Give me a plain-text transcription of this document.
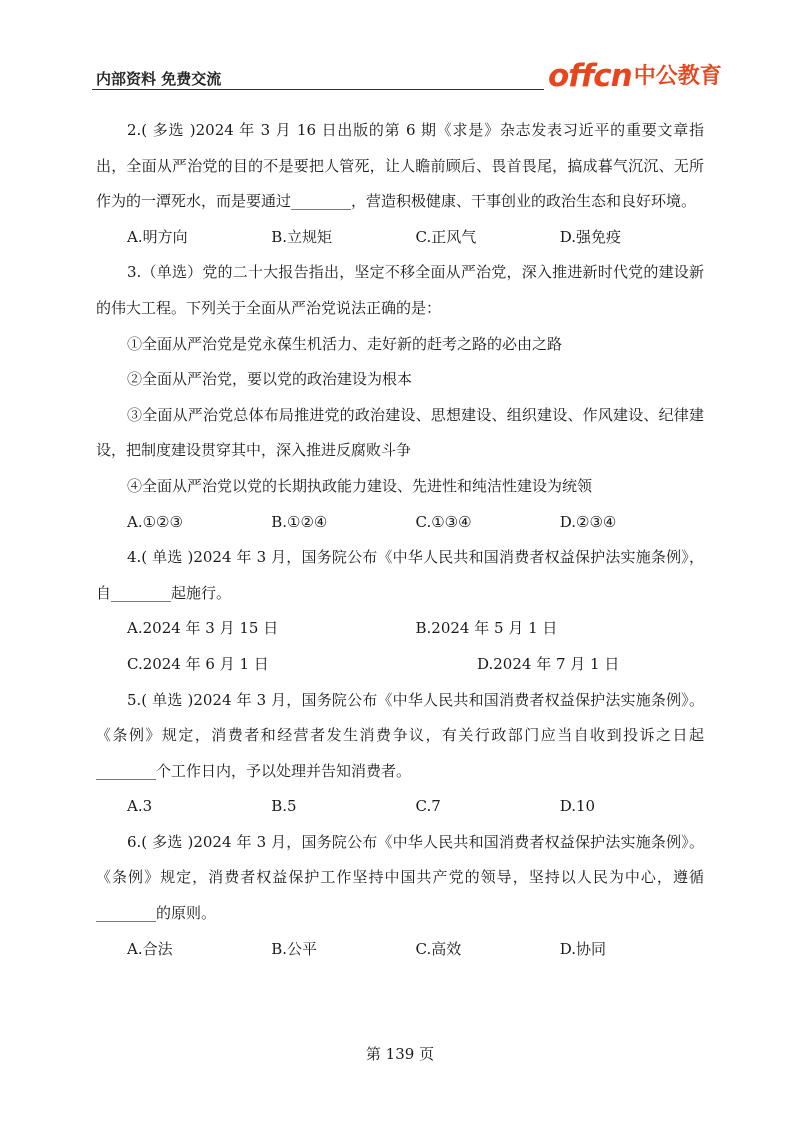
内部资料 免费交流	offcn 中公教育
2.( 多选 )2024 年 3 月 16 日出版的第 6 期《求是》杂志发表习近平的重要文章指出，全面从严治党的目的不是要把人管死，让人瞻前顾后、畏首畏尾，搞成暮气沉沉、无所作为的一潭死水，而是要通过________，营造积极健康、干事创业的政治生态和良好环境。
A.明方向	B.立规矩	C.正风气	D.强免疫
3.（单选）党的二十大报告指出，坚定不移全面从严治党，深入推进新时代党的建设新的伟大工程。下列关于全面从严治党说法正确的是：
①全面从严治党是党永葆生机活力、走好新的赶考之路的必由之路
②全面从严治党，要以党的政治建设为根本
③全面从严治党总体布局推进党的政治建设、思想建设、组织建设、作风建设、纪律建设，把制度建设贯穿其中，深入推进反腐败斗争
④全面从严治党以党的长期执政能力建设、先进性和纯洁性建设为统领
A.①②③	B.①②④	C.①③④	D.②③④
4.( 单选 )2024 年 3 月，国务院公布《中华人民共和国消费者权益保护法实施条例》，自________起施行。
A.2024 年 3 月 15 日	B.2024 年 5 月 1 日
C.2024 年 6 月 1 日	D.2024 年 7 月 1 日
5.( 单选 )2024 年 3 月，国务院公布《中华人民共和国消费者权益保护法实施条例》。《条例》规定，消费者和经营者发生消费争议，有关行政部门应当自收到投诉之日起________个工作日内，予以处理并告知消费者。
A.3	B.5	C.7	D.10
6.( 多选 )2024 年 3 月，国务院公布《中华人民共和国消费者权益保护法实施条例》。《条例》规定，消费者权益保护工作坚持中国共产党的领导，坚持以人民为中心，遵循________的原则。
A.合法	B.公平	C.高效	D.协同
第 139 页
